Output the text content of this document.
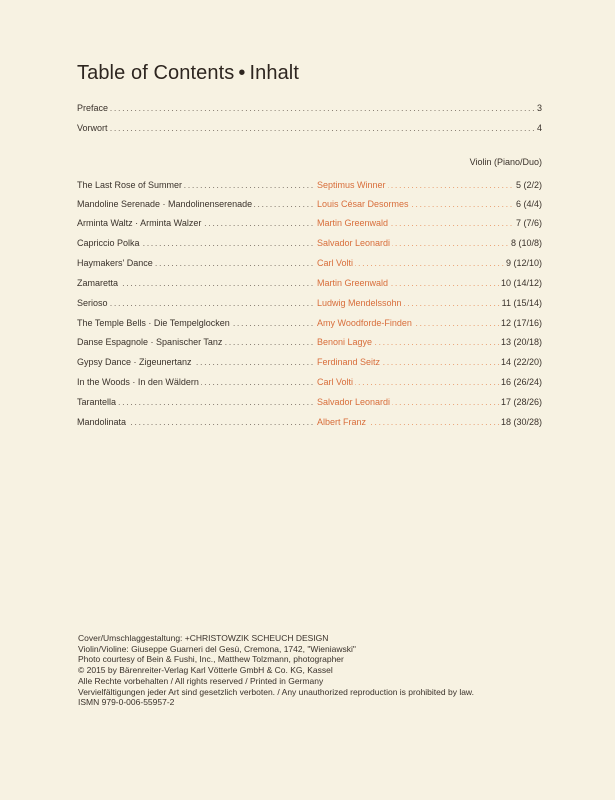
Table of Contents • Inhalt
.....
Preface	3
.....
Vorwort	4
Violin (Piano/Duo)
.....
The Last Rose of Summer .....	Septimus Winner	5 (2/2)
.....
Mandoline Serenade · Mandolinenserenade .....	Louis César Desormes	6 (4/4)
.....
Arminta Waltz · Arminta Walzer .....	Martin Greenwald	7 (7/6)
.....
Capriccio Polka .....	Salvador Leonardi	8 (10/8)
.....
Haymakers' Dance .....	Carl Volti	9 (12/10)
.....
Zamaretta .....	Martin Greenwald	10 (14/12)
.....
Serioso .....	Ludwig Mendelssohn	11 (15/14)
.....
The Temple Bells · Die Tempelglocken .....	Amy Woodforde-Finden	12 (17/16)
.....
Danse Espagnole · Spanischer Tanz .....	Benoni Lagye	13 (20/18)
.....
Gypsy Dance · Zigeunertanz .....	Ferdinand Seitz	14 (22/20)
.....
In the Woods · In den Wäldern .....	Carl Volti	16 (26/24)
.....
Tarantella .....	Salvador Leonardi	17 (28/26)
.....
Mandolinata .....	Albert Franz	18 (30/28)
Cover/Umschlaggestaltung: +CHRISTOWZIK SCHEUCH DESIGN
Violin/Violine: Giuseppe Guarneri del Gesù, Cremona, 1742, "Wieniawski"
Photo courtesy of Bein & Fushi, Inc., Matthew Tolzmann, photographer
© 2015 by Bärenreiter-Verlag Karl Vötterle GmbH & Co. KG, Kassel
Alle Rechte vorbehalten / All rights reserved / Printed in Germany
Vervielfältigungen jeder Art sind gesetzlich verboten. / Any unauthorized reproduction is prohibited by law.
ISMN 979-0-006-55957-2
